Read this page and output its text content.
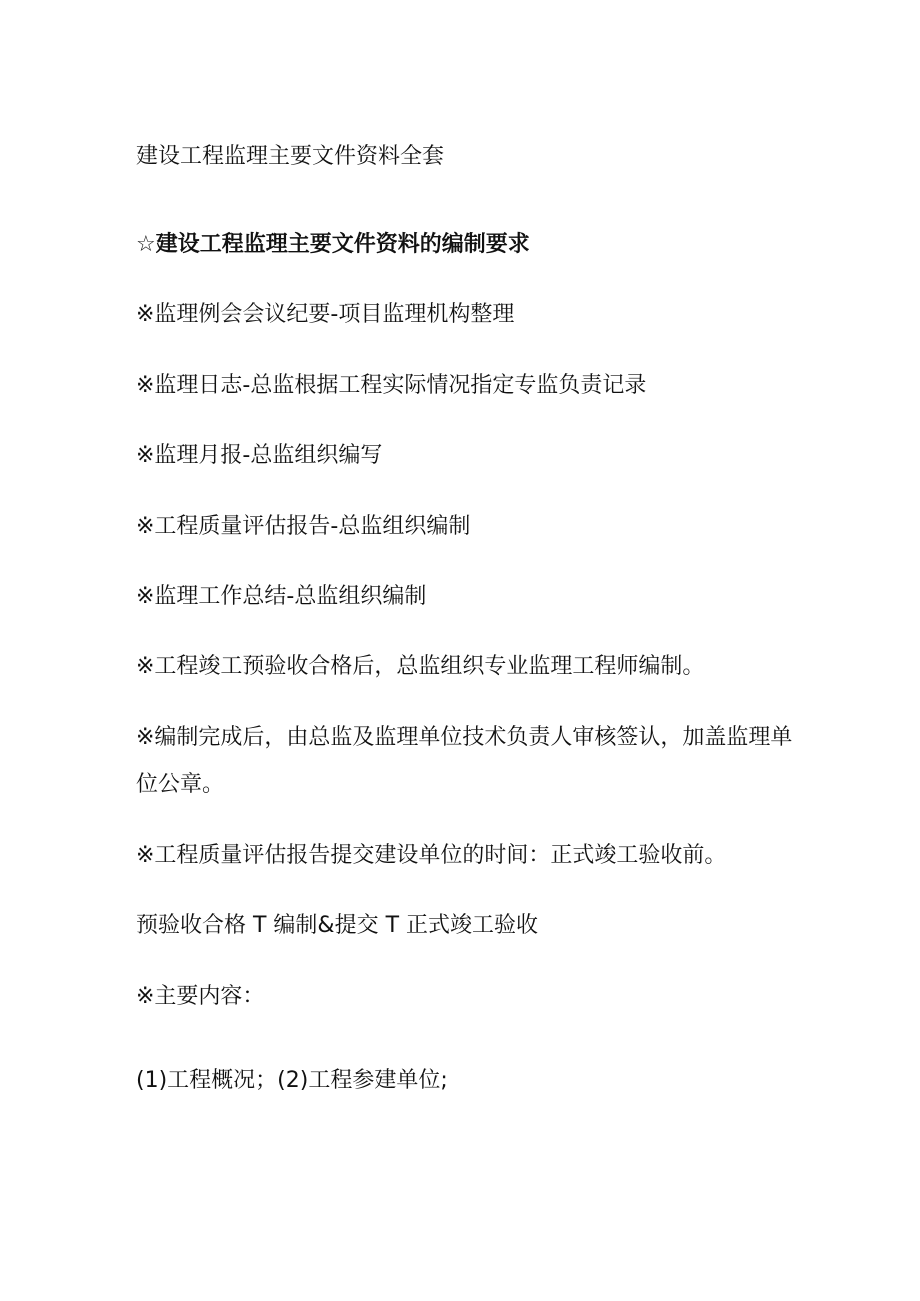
建设工程监理主要文件资料全套

☆建设工程监理主要文件资料的编制要求

※监理例会会议纪要-项目监理机构整理

※监理日志-总监根据工程实际情况指定专监负责记录

※监理月报-总监组织编写

※工程质量评估报告-总监组织编制

※监理工作总结-总监组织编制

※工程竣工预验收合格后，总监组织专业监理工程师编制。

※编制完成后，由总监及监理单位技术负责人审核签认，加盖监理单

位公章。

※工程质量评估报告提交建设单位的时间：正式竣工验收前。

预验收合格 T 编制&提交 T 正式竣工验收

※主要内容：

(1)工程概况；(2)工程参建单位;
